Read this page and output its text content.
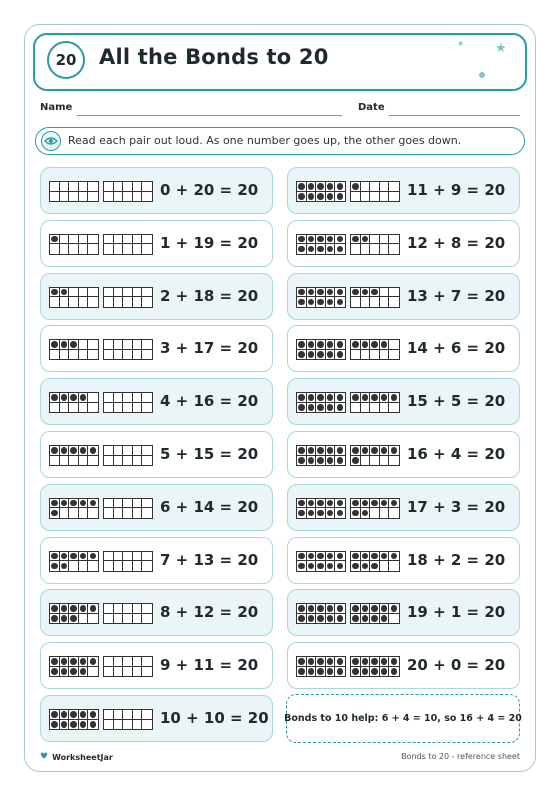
20	All the Bonds to 20
★ ★
Name	Date
Read each pair out loud. As one number goes up, the other goes down.
0 + 20 = 20
1 + 19 = 20
2 + 18 = 20
3 + 17 = 20
4 + 16 = 20
5 + 15 = 20
6 + 14 = 20
7 + 13 = 20
8 + 12 = 20
9 + 11 = 20
10 + 10 = 20
11 + 9 = 20
12 + 8 = 20
13 + 7 = 20
14 + 6 = 20
15 + 5 = 20
16 + 4 = 20
17 + 3 = 20
18 + 2 = 20
19 + 1 = 20
20 + 0 = 20
Bonds to 10 help: 6 + 4 = 10, so 16 + 4 = 20
♥ WorksheetJar	Bonds to 20 - reference sheet
